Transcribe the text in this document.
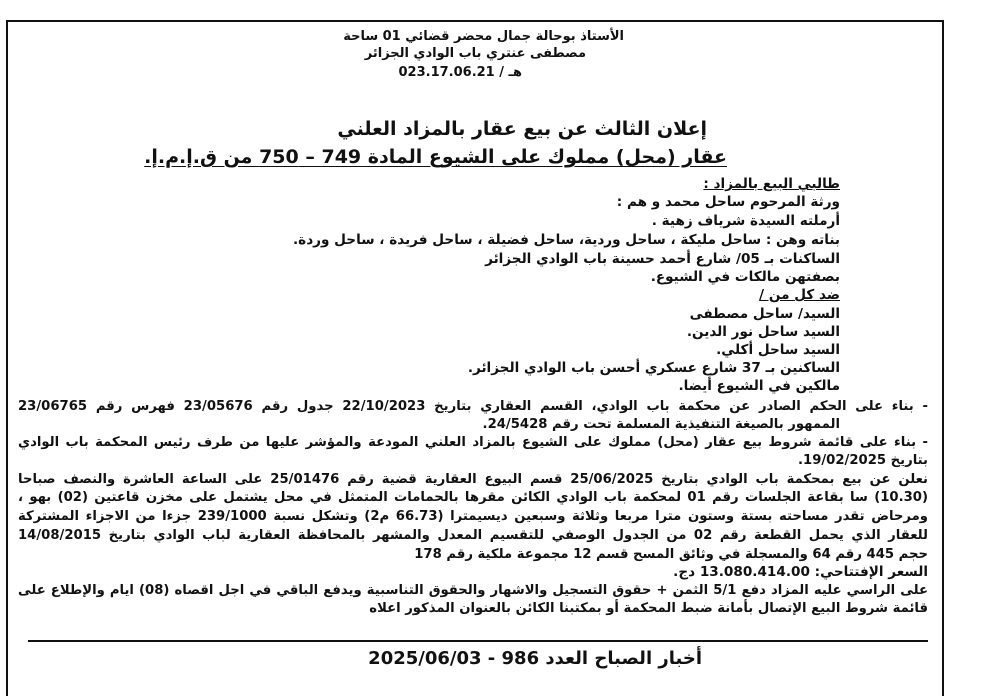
الأستاذ بوحالة جمال محضر قضائي 01 ساحة
مصطفى عنتري باب الوادي الجزائر
هـ / 023.17.06.21
إعلان الثالث عن بيع عقار بالمزاد العلني
عقار (محل) مملوك على الشيوع المادة 749 – 750 من ق.إ.م.إ.
طالبي البيع بالمزاد :
ورثة المرحوم ساحل محمد و هم :
أرملته السيدة شرياف زهية .
بناته وهن : ساحل مليكة ، ساحل وردية، ساحل فضيلة ، ساحل فريدة ، ساحل وردة.
الساكنات بـ 05/ شارع أحمد حسينة باب الوادي الجزائر
بصفتهن مالكات في الشيوع.
ضد كل من /
السيد/ ساحل مصطفى
السيد ساحل نور الدين.
السيد ساحل أكلي.
الساكنين بـ 37 شارع عسكري أحسن باب الوادي الجزائر.
مالكين في الشيوع أيضا.
- بناء على الحكم الصادر عن محكمة باب الوادي، القسم العقاري بتاريخ 22/10/2023 جدول رقم 23/05676 فهرس رقم 23/06765
الممهور بالصيغة التنفيذية المسلمة تحت رقم 24/5428.
- بناء على قائمة شروط بيع عقار (محل) مملوك على الشيوع بالمزاد العلني المودعة والمؤشر عليها من طرف رئيس المحكمة باب الوادي
بتاريخ 19/02/2025.
نعلن عن بيع بمحكمة باب الوادي بتاريخ 25/06/2025 قسم البيوع العقارية قضية رقم 25/01476 على الساعة العاشرة والنصف صباحا
(10.30) سا بقاعة الجلسات رقم 01 لمحكمة باب الوادي الكائن مقرها بالحمامات المتمثل في محل يشتمل على مخزن قاعتين (02) بهو ،
ومرحاض تقدر مساحته بستة وستون مترا مربعا وثلاثة وسبعين ديسيمترا (66.73 م2) وتشكل نسبة 239/1000 جزءا من الاجزاء المشتركة
للعقار الذي يحمل القطعة رقم 02 من الجدول الوصفي للتقسيم المعدل والمشهر بالمحافظة العقارية لباب الوادي بتاريخ 14/08/2015
حجم 445 رقم 64 والمسجلة في وثائق المسح قسم 12 مجموعة ملكية رقم 178
السعر الإفتتاحي: 13.080.414.00 دج.
على الراسي عليه المزاد دفع 5/1 الثمن + حقوق التسجيل والاشهار والحقوق التناسبية ويدفع الباقي في اجل اقصاه (08) ايام والإطلاع على
قائمة شروط البيع الإتصال بأمانة ضبط المحكمة أو بمكتبنا الكائن بالعنوان المذكور اعلاه
أخبار الصباح العدد 986 - 2025/06/03
